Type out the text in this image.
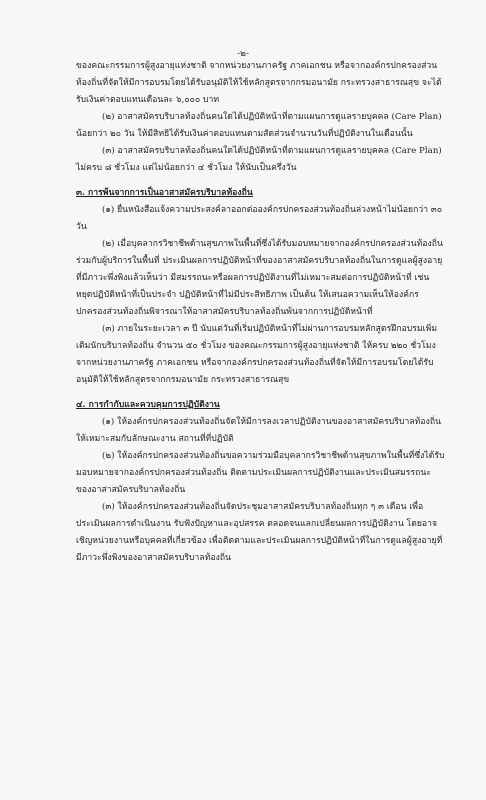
-๒-

ของคณะกรรมการผู้สูงอายุแห่งชาติ จากหน่วยงานภาครัฐ ภาคเอกชน หรือจากองค์กรปกครองส่วนท้องถิ่นที่จัดให้มีการอบรมโดยได้รับอนุมัติให้ใช้หลักสูตรจากกรมอนามัย กระทรวงสาธารณสุข จะได้รับเงินค่าตอบแทนเดือนละ ๖,๐๐๐ บาท

(๒) อาสาสมัครบริบาลท้องถิ่นคนใดได้ปฏิบัติหน้าที่ตามแผนการดูแลรายบุคคล (Care Plan) น้อยกว่า ๒๐ วัน ให้มีสิทธิได้รับเงินค่าตอบแทนตามสัดส่วนจำนวนวันที่ปฏิบัติงานในเดือนนั้น

(๓) อาสาสมัครบริบาลท้องถิ่นคนใดได้ปฏิบัติหน้าที่ตามแผนการดูแลรายบุคคล (Care Plan) ไม่ครบ ๘ ชั่วโมง แต่ไม่น้อยกว่า ๔ ชั่วโมง ให้นับเป็นครึ่งวัน

๓. การพ้นจากการเป็นอาสาสมัครบริบาลท้องถิ่น

(๑) ยื่นหนังสือแจ้งความประสงค์ลาออกต่อองค์กรปกครองส่วนท้องถิ่นล่วงหน้าไม่น้อยกว่า ๓๐ วัน

(๒) เมื่อบุคลากรวิชาชีพด้านสุขภาพในพื้นที่ซึ่งได้รับมอบหมายจากองค์กรปกครองส่วนท้องถิ่นร่วมกับผู้บริการในพื้นที่ ประเมินผลการปฏิบัติหน้าที่ของอาสาสมัครบริบาลท้องถิ่นในการดูแลผู้สูงอายุที่มีภาวะพึ่งพิงแล้วเห็นว่า มีสมรรถนะหรือผลการปฏิบัติงานที่ไม่เหมาะสมต่อการปฏิบัติหน้าที่ เช่น หยุดปฏิบัติหน้าที่เป็นประจำ ปฏิบัติหน้าที่ไม่มีประสิทธิภาพ เป็นต้น ให้เสนอความเห็นให้องค์กรปกครองส่วนท้องถิ่นพิจารณาให้อาสาสมัครบริบาลท้องถิ่นพ้นจากการปฏิบัติหน้าที่

(๓) ภายในระยะเวลา ๓ ปี นับแต่วันที่เริ่มปฏิบัติหน้าที่ไม่ผ่านการอบรมหลักสูตรฝึกอบรมเพิ่มเติมนักบริบาลท้องถิ่น จำนวน ๕๐ ชั่วโมง ของคณะกรรมการผู้สูงอายุแห่งชาติ ให้ครบ ๒๒๐ ชั่วโมง จากหน่วยงานภาครัฐ ภาคเอกชน หรือจากองค์กรปกครองส่วนท้องถิ่นที่จัดให้มีการอบรมโดยได้รับอนุมัติให้ใช้หลักสูตรจากกรมอนามัย กระทรวงสาธารณสุข

๔. การกำกับและควบคุมการปฏิบัติงาน

(๑) ให้องค์กรปกครองส่วนท้องถิ่นจัดให้มีการลงเวลาปฏิบัติงานของอาสาสมัครบริบาลท้องถิ่นให้เหมาะสมกับลักษณะงาน สถานที่ที่ปฏิบัติ

(๒) ให้องค์กรปกครองส่วนท้องถิ่นขอความร่วมมือบุคลากรวิชาชีพด้านสุขภาพในพื้นที่ซึ่งได้รับมอบหมายจากองค์กรปกครองส่วนท้องถิ่น ติดตามประเมินผลการปฏิบัติงานและประเมินสมรรถนะของอาสาสมัครบริบาลท้องถิ่น

(๓) ให้องค์กรปกครองส่วนท้องถิ่นจัดประชุมอาสาสมัครบริบาลท้องถิ่นทุก ๆ ๓ เดือน เพื่อประเมินผลการดำเนินงาน รับฟังปัญหาและอุปสรรค ตลอดจนแลกเปลี่ยนผลการปฏิบัติงาน โดยอาจเชิญหน่วยงานหรือบุคคลที่เกี่ยวข้อง เพื่อติดตามและประเมินผลการปฏิบัติหน้าที่ในการดูแลผู้สูงอายุที่มีภาวะพึ่งพิงของอาสาสมัครบริบาลท้องถิ่น
